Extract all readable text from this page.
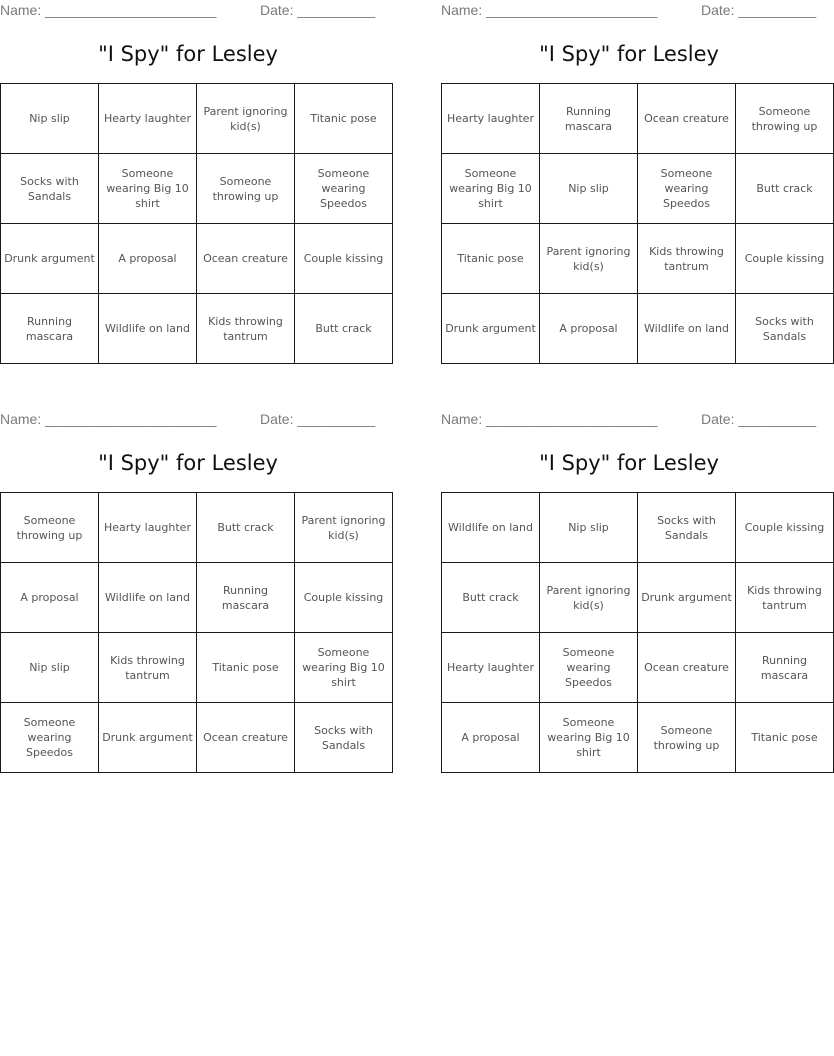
Name: ______________________	Date: __________
"I Spy" for Lesley
Nip slip	Hearty laughter	Parent ignoring kid(s)	Titanic pose
Socks with Sandals	Someone wearing Big 10 shirt	Someone throwing up	Someone wearing Speedos
Drunk argument	A proposal	Ocean creature	Couple kissing
Running mascara	Wildlife on land	Kids throwing tantrum	Butt crack
Name: ______________________	Date: __________
"I Spy" for Lesley
Hearty laughter	Running mascara	Ocean creature	Someone throwing up
Someone wearing Big 10 shirt	Nip slip	Someone wearing Speedos	Butt crack
Titanic pose	Parent ignoring kid(s)	Kids throwing tantrum	Couple kissing
Drunk argument	A proposal	Wildlife on land	Socks with Sandals
Name: ______________________	Date: __________
"I Spy" for Lesley
Someone throwing up	Hearty laughter	Butt crack	Parent ignoring kid(s)
A proposal	Wildlife on land	Running mascara	Couple kissing
Nip slip	Kids throwing tantrum	Titanic pose	Someone wearing Big 10 shirt
Someone wearing Speedos	Drunk argument	Ocean creature	Socks with Sandals
Name: ______________________	Date: __________
"I Spy" for Lesley
Wildlife on land	Nip slip	Socks with Sandals	Couple kissing
Butt crack	Parent ignoring kid(s)	Drunk argument	Kids throwing tantrum
Hearty laughter	Someone wearing Speedos	Ocean creature	Running mascara
A proposal	Someone wearing Big 10 shirt	Someone throwing up	Titanic pose
